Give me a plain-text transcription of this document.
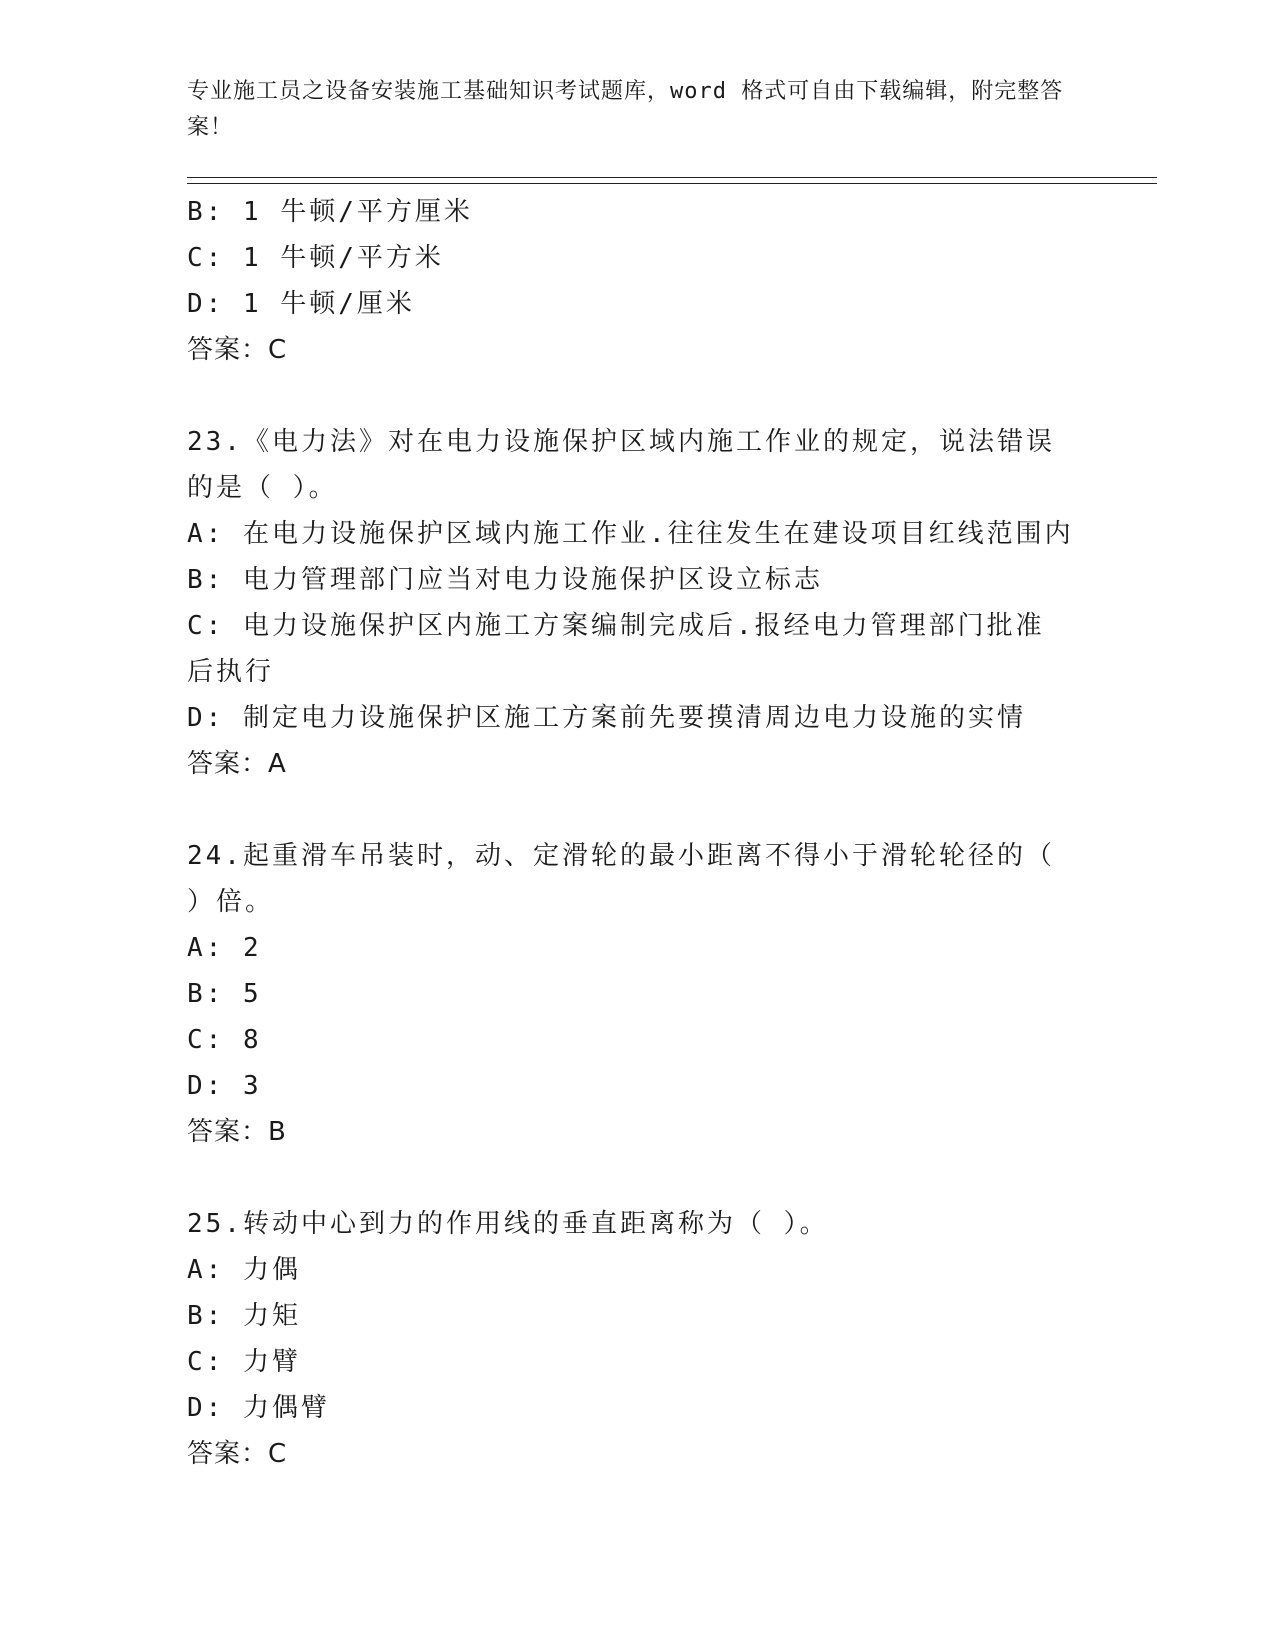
专业施工员之设备安装施工基础知识考试题库，word 格式可自由下载编辑，附完整答案！
B: 1 牛顿/平方厘米
C: 1 牛顿/平方米
D: 1 牛顿/厘米
答案：C
23.《电力法》对在电力设施保护区域内施工作业的规定，说法错误的是（ ）。
A: 在电力设施保护区域内施工作业.往往发生在建设项目红线范围内
B: 电力管理部门应当对电力设施保护区设立标志
C: 电力设施保护区内施工方案编制完成后.报经电力管理部门批准后执行
D: 制定电力设施保护区施工方案前先要摸清周边电力设施的实情
答案：A
24.起重滑车吊装时，动、定滑轮的最小距离不得小于滑轮轮径的（ ）倍。
A: 2
B: 5
C: 8
D: 3
答案：B
25.转动中心到力的作用线的垂直距离称为（ ）。
A: 力偶
B: 力矩
C: 力臂
D: 力偶臂
答案：C
